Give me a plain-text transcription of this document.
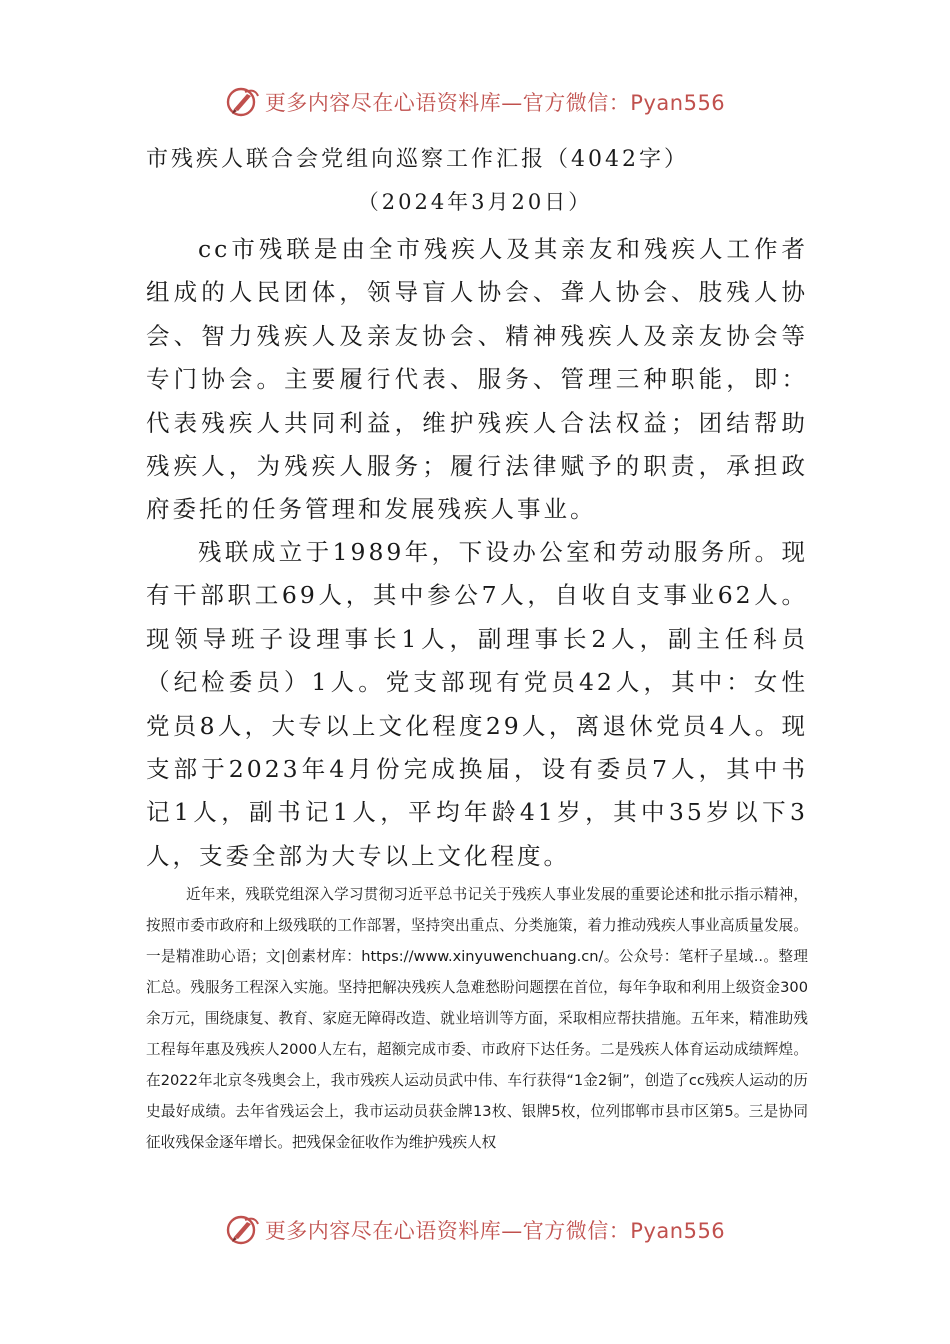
更多内容尽在心语资料库—官方微信：Pyan556
市残疾人联合会党组向巡察工作汇报（4042字）
（2024年3月20日）

cc市残联是由全市残疾人及其亲友和残疾人工作者组成的人民团体，领导盲人协会、聋人协会、肢残人协会、智力残疾人及亲友协会、精神残疾人及亲友协会等专门协会。主要履行代表、服务、管理三种职能，即：代表残疾人共同利益，维护残疾人合法权益；团结帮助残疾人，为残疾人服务；履行法律赋予的职责，承担政府委托的任务管理和发展残疾人事业。

残联成立于1989年，下设办公室和劳动服务所。现有干部职工69人，其中参公7人，自收自支事业62人。现领导班子设理事长1人，副理事长2人，副主任科员（纪检委员）1人。党支部现有党员42人，其中：女性党员8人，大专以上文化程度29人，离退休党员4人。现支部于2023年4月份完成换届，设有委员7人，其中书记1人，副书记1人，平均年龄41岁，其中35岁以下3人，支委全部为大专以上文化程度。

近年来，残联党组深入学习贯彻习近平总书记关于残疾人事业发展的重要论述和批示指示精神，按照市委市政府和上级残联的工作部署，坚持突出重点、分类施策，着力推动残疾人事业高质量发展。一是精准助心语；文|创素材库：https://www.xinyuwenchuang.cn/。公众号：笔杆子星域..。整理汇总。残服务工程深入实施。坚持把解决残疾人急难愁盼问题摆在首位，每年争取和利用上级资金300余万元，围绕康复、教育、家庭无障碍改造、就业培训等方面，采取相应帮扶措施。五年来，精准助残工程每年惠及残疾人2000人左右，超额完成市委、市政府下达任务。二是残疾人体育运动成绩辉煌。在2022年北京冬残奥会上，我市残疾人运动员武中伟、车行获得“1金2铜”，创造了cc残疾人运动的历史最好成绩。去年省残运会上，我市运动员获金牌13枚、银牌5枚，位列邯郸市县市区第5。三是协同征收残保金逐年增长。把残保金征收作为维护残疾人权

更多内容尽在心语资料库—官方微信：Pyan556
